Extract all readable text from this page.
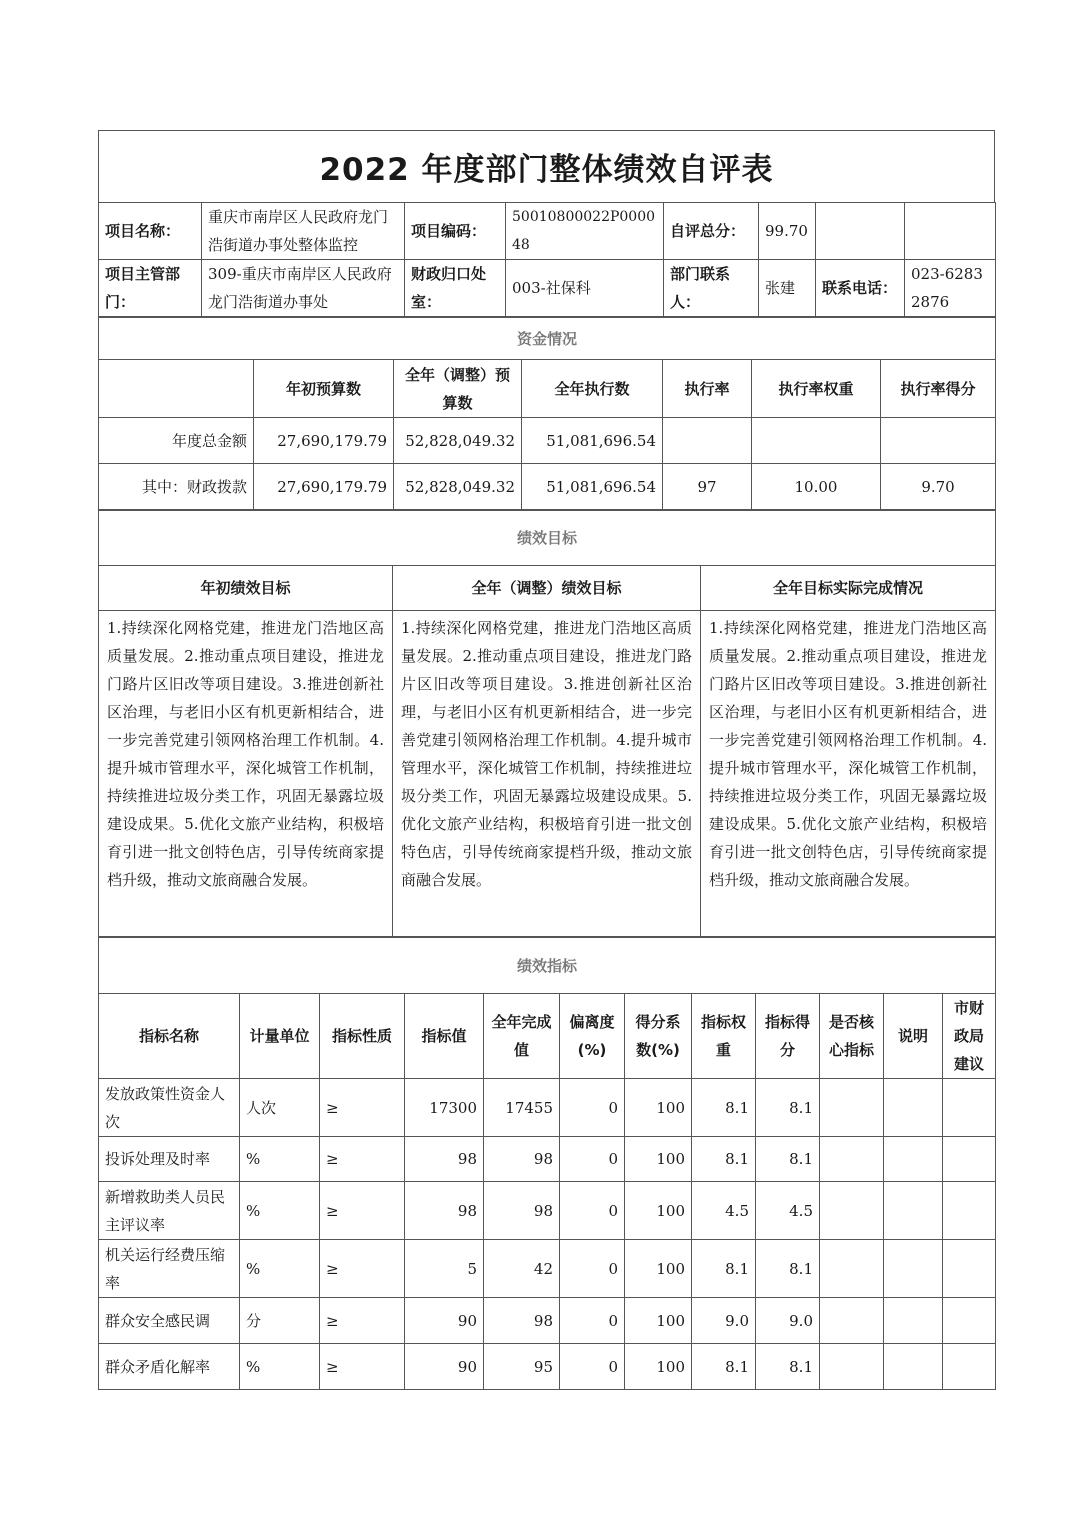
2022 年度部门整体绩效自评表
项目名称：	重庆市南岸区人民政府龙门浩街道办事处整体监控	项目编码：	50010800022P000048	自评总分：	99.70		
项目主管部门：	309-重庆市南岸区人民政府龙门浩街道办事处	财政归口处室：	003-社保科	部门联系人：	张建	联系电话：	023-62832876
资金情况						
	年初预算数	全年（调整）预算数	全年执行数	执行率	执行率权重	执行率得分
年度总金额	27,690,179.79	52,828,049.32	51,081,696.54			
其中：财政拨款	27,690,179.79	52,828,049.32	51,081,696.54	97	10.00	9.70
绩效目标		
年初绩效目标	全年（调整）绩效目标	全年目标实际完成情况
1.持续深化网格党建，推进龙门浩地区高质量发展。2.推动重点项目建设，推进龙门路片区旧改等项目建设。3.推进创新社区治理，与老旧小区有机更新相结合，进一步完善党建引领网格治理工作机制。4.提升城市管理水平，深化城管工作机制，持续推进垃圾分类工作，巩固无暴露垃圾建设成果。5.优化文旅产业结构，积极培育引进一批文创特色店，引导传统商家提档升级，推动文旅商融合发展。	1.持续深化网格党建，推进龙门浩地区高质量发展。2.推动重点项目建设，推进龙门路片区旧改等项目建设。3.推进创新社区治理，与老旧小区有机更新相结合，进一步完善党建引领网格治理工作机制。4.提升城市管理水平，深化城管工作机制，持续推进垃圾分类工作，巩固无暴露垃圾建设成果。5.优化文旅产业结构，积极培育引进一批文创特色店，引导传统商家提档升级，推动文旅商融合发展。	1.持续深化网格党建，推进龙门浩地区高质量发展。2.推动重点项目建设，推进龙门路片区旧改等项目建设。3.推进创新社区治理，与老旧小区有机更新相结合，进一步完善党建引领网格治理工作机制。4.提升城市管理水平，深化城管工作机制，持续推进垃圾分类工作，巩固无暴露垃圾建设成果。5.优化文旅产业结构，积极培育引进一批文创特色店，引导传统商家提档升级，推动文旅商融合发展。
绩效指标											
指标名称	计量单位	指标性质	指标值	全年完成值	偏离度(%)	得分系数(%)	指标权重	指标得分	是否核心指标	说明	市财政局建议
发放政策性资金人次	人次	≥	17300	17455	0	100	8.1	8.1			
投诉处理及时率	%	≥	98	98	0	100	8.1	8.1			
新增救助类人员民主评议率	%	≥	98	98	0	100	4.5	4.5			
机关运行经费压缩率	%	≥	5	42	0	100	8.1	8.1			
群众安全感民调	分	≥	90	98	0	100	9.0	9.0			
群众矛盾化解率	%	≥	90	95	0	100	8.1	8.1			
